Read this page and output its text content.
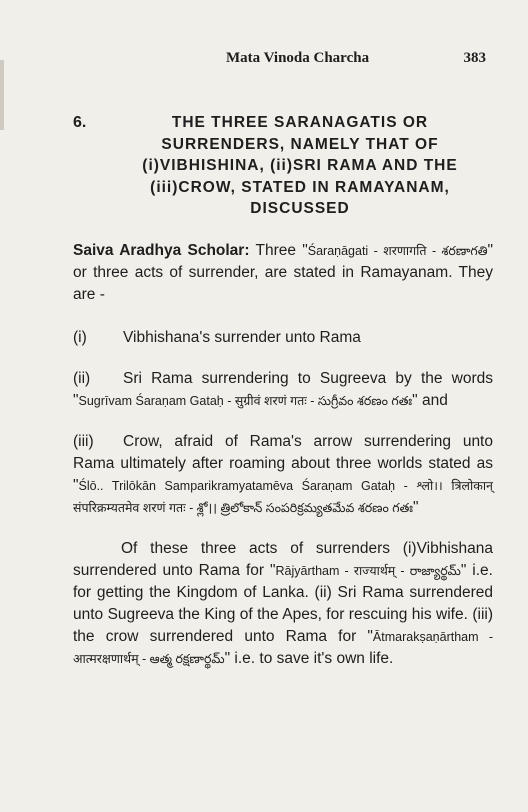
Mata Vinoda Charcha	383
6.	THE THREE SARANAGATIS OR
SURRENDERS, NAMELY THAT OF
(i)VIBHISHINA, (ii)SRI RAMA AND THE
(iii)CROW, STATED IN RAMAYANAM,
DISCUSSED

Saiva Aradhya Scholar: Three "Śaraṇāgati - शरणागति - శరణాగతి" or three acts of surrender, are stated in Ramayanam. They are -

(i)	Vibhishana's surrender unto Rama

(ii) Sri Rama surrendering to Sugreeva by the words "Sugrīvam Śaraṇam Gataḥ - सुग्रीवं शरणं गतः - సుగ్రీవం శరణం గతః" and

(iii) Crow, afraid of Rama's arrow surrendering unto Rama ultimately after roaming about three worlds stated as "Ślō.. Trilōkān Samparikramyatamēva Śaraṇam Gataḥ - श्लो।। त्रिलोकान् संपरिक्रम्यतमेव शरणं गतः - శ్లో।। త్రిలోకాన్ సంపరిక్రమ్యతమేవ శరణం గతః"

Of these three acts of surrenders (i)Vibhishana surrendered unto Rama for "Rājyārtham - राज्यार्थम् - రాజ్యార్థమ్" i.e. for getting the Kingdom of Lanka. (ii) Sri Rama surrendered unto Sugreeva the King of the Apes, for rescuing his wife. (iii) the crow surrendered unto Rama for "Ātmarakṣaṇārtham - आत्मरक्षणार्थम् - ఆత్మ రక్షణార్థమ్" i.e. to save it's own life.
